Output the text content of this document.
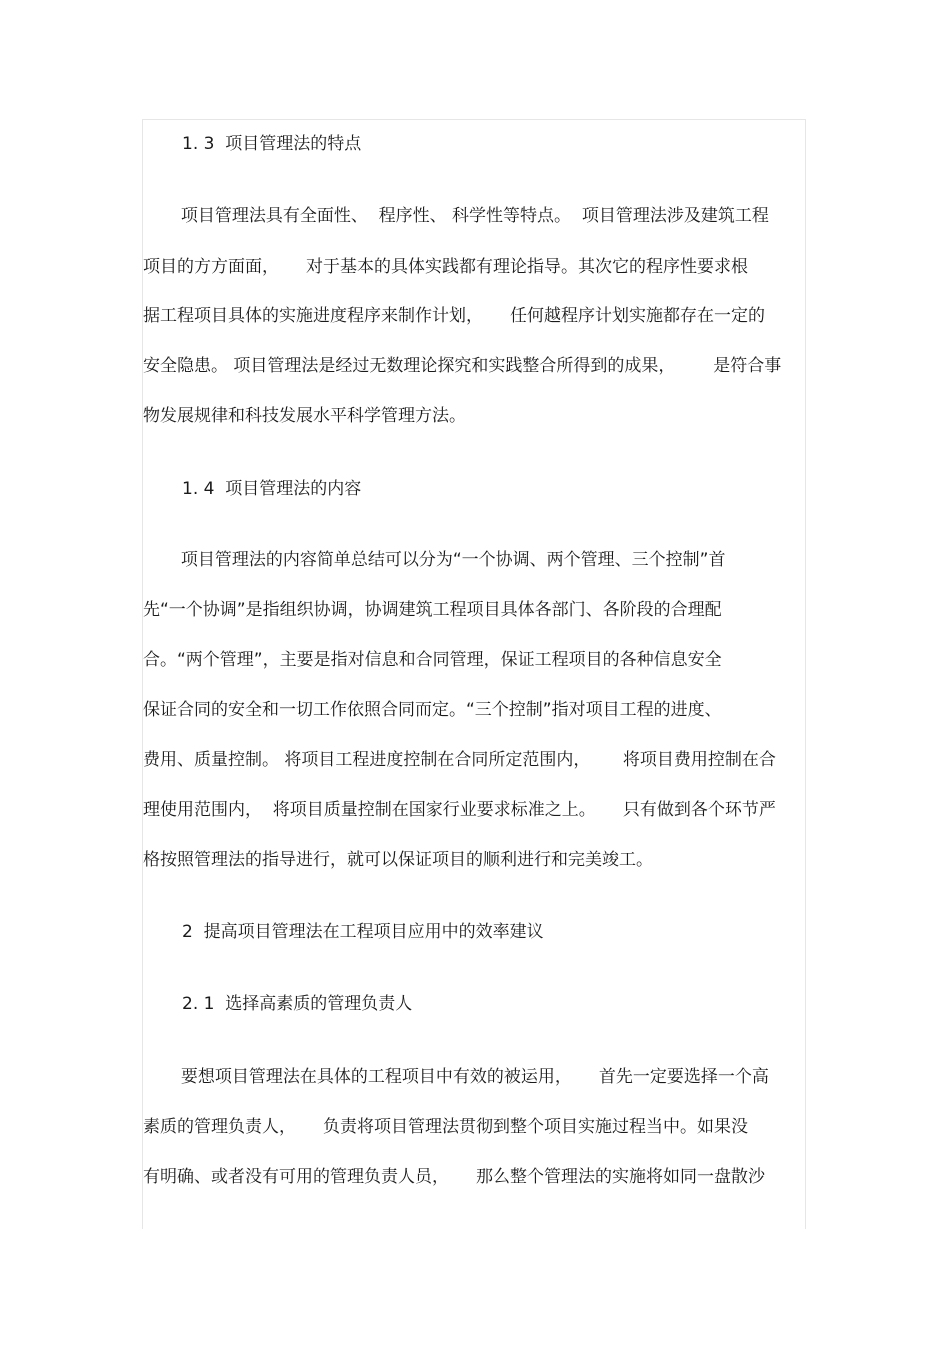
1. 3  项目管理法的特点
项目管理法具有全面性、  程序性、 科学性等特点。  项目管理法涉及建筑工程
项目的方方面面，     对于基本的具体实践都有理论指导。其次它的程序性要求根
据工程项目具体的实施进度程序来制作计划，     任何越程序计划实施都存在一定的
安全隐患。 项目管理法是经过无数理论探究和实践整合所得到的成果，       是符合事
物发展规律和科技发展水平科学管理方法。
1. 4  项目管理法的内容
项目管理法的内容简单总结可以分为“一个协调、两个管理、三个控制”首
先“一个协调”是指组织协调，协调建筑工程项目具体各部门、各阶段的合理配
合。“两个管理”，主要是指对信息和合同管理，保证工程项目的各种信息安全
保证合同的安全和一切工作依照合同而定。“三个控制”指对项目工程的进度、
费用、质量控制。 将项目工程进度控制在合同所定范围内，      将项目费用控制在合
理使用范围内，  将项目质量控制在国家行业要求标准之上。     只有做到各个环节严
格按照管理法的指导进行，就可以保证项目的顺利进行和完美竣工。
2  提高项目管理法在工程项目应用中的效率建议
2. 1  选择高素质的管理负责人
要想项目管理法在具体的工程项目中有效的被运用，     首先一定要选择一个高
素质的管理负责人，     负责将项目管理法贯彻到整个项目实施过程当中。如果没
有明确、或者没有可用的管理负责人员，     那么整个管理法的实施将如同一盘散沙
